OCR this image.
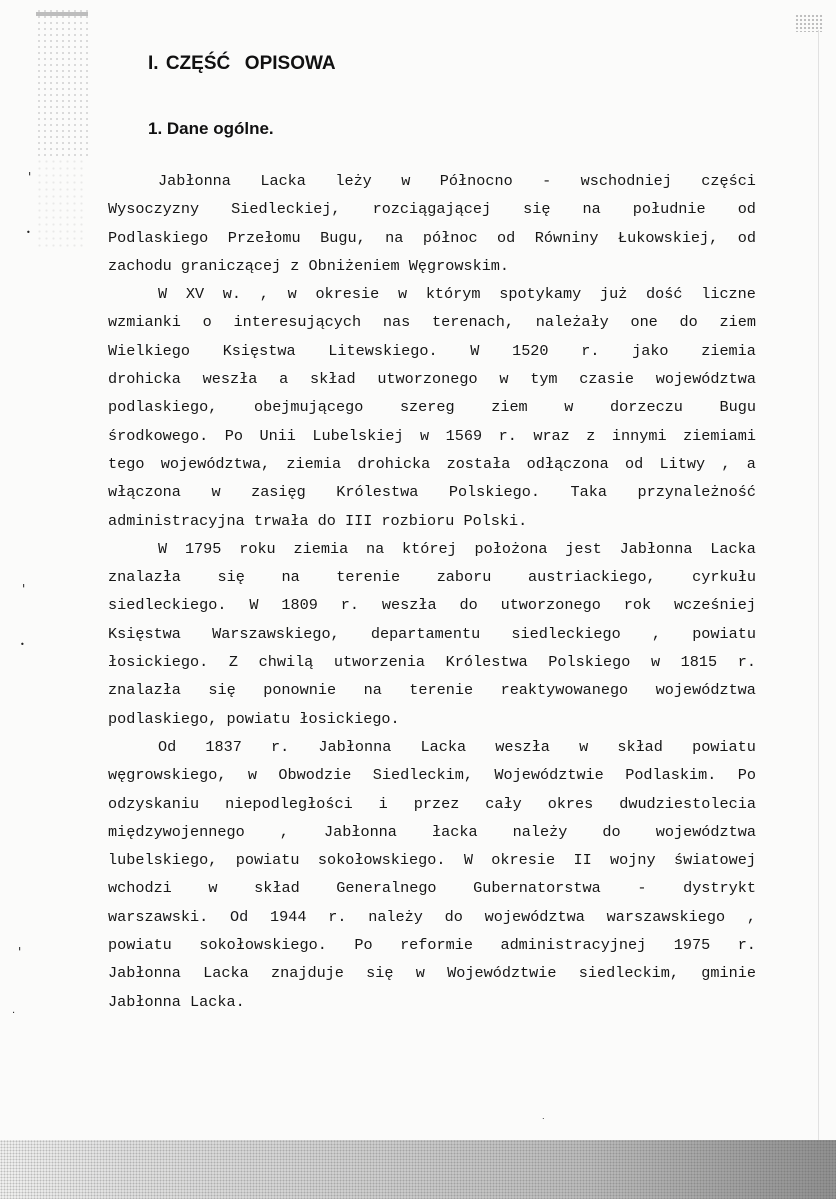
'
•
'
•
'
.
.
I. CZĘŚĆ  OPISOWA
1. Dane ogólne.
Jabłonna Lacka leży w Północno - wschodniej części
Wysoczyzny Siedleckiej, rozciągającej się na południe od
Podlaskiego Przełomu Bugu, na północ od Równiny Łukowskiej, od
zachodu graniczącej z Obniżeniem Węgrowskim.
W XV w. , w okresie w którym spotykamy już dość liczne
wzmianki o interesujących nas terenach, należały one do ziem
Wielkiego Księstwa Litewskiego. W 1520 r. jako ziemia
drohicka weszła a skład utworzonego w tym czasie województwa
podlaskiego, obejmującego szereg ziem w dorzeczu Bugu
środkowego. Po Unii Lubelskiej w 1569 r. wraz z innymi ziemiami
tego województwa, ziemia drohicka została odłączona od Litwy , a
włączona w zasięg Królestwa Polskiego. Taka przynależność
administracyjna trwała do III rozbioru Polski.
W 1795 roku ziemia na której położona jest Jabłonna Lacka
znalazła się na terenie zaboru austriackiego, cyrkułu
siedleckiego. W 1809 r. weszła do utworzonego rok wcześniej
Księstwa Warszawskiego, departamentu siedleckiego , powiatu
łosickiego. Z chwilą utworzenia Królestwa Polskiego w 1815 r.
znalazła się ponownie na terenie reaktywowanego województwa
podlaskiego, powiatu łosickiego.
Od 1837 r. Jabłonna Lacka weszła w skład powiatu
węgrowskiego, w Obwodzie Siedleckim, Województwie Podlaskim. Po
odzyskaniu niepodległości i przez cały okres dwudziestolecia
międzywojennego , Jabłonna łacka należy do województwa
lubelskiego, powiatu sokołowskiego. W okresie II wojny światowej
wchodzi w skład Generalnego Gubernatorstwa - dystrykt
warszawski. Od 1944 r. należy do województwa warszawskiego ,
powiatu sokołowskiego. Po reformie administracyjnej 1975 r.
Jabłonna Lacka znajduje się w Województwie siedleckim, gminie
Jabłonna Lacka.
